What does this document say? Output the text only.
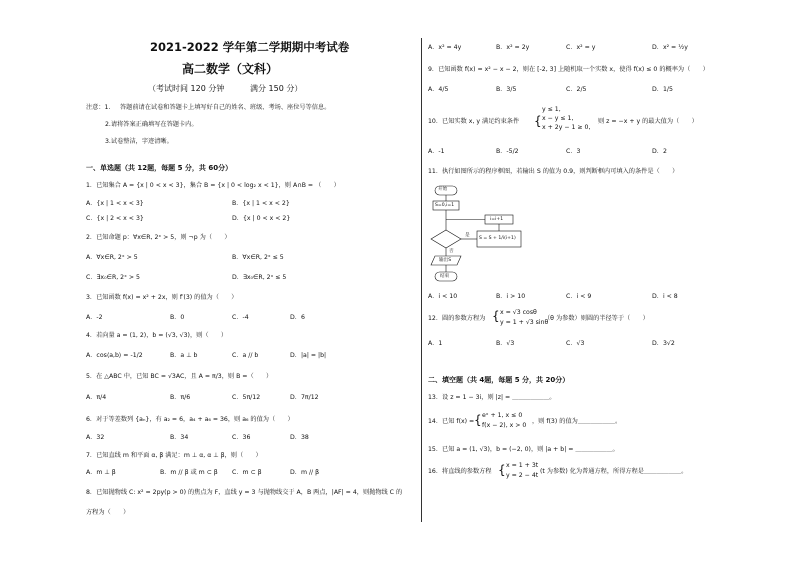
2021-2022 学年第二学期期中考试卷
高二数学（文科）
（考试时间 120 分钟	满分 150 分）
注意：1. 答题前请在试卷和答题卡上填写好自己的姓名、班级、考场、座位号等信息。
2.请将答案正确填写在答题卡内。
3.试卷整洁，字迹清晰。
一、单选题（共 12题，每题 5 分，共 60分）
1．已知集合 A = {x | 0 < x < 3}，集合 B = {x | 0 < log₂ x < 1}，则 A∩B = （　　）
A．{x | 1 < x < 3}	B．{x | 1 < x < 2}
C．{x | 2 < x < 3}	D．{x | 0 < x < 2}
2．已知命题 p：∀x∈R, 2ˣ > 5，则 ¬p 为（　　）
A．∀x∈R, 2ˣ > 5	B．∀x∈R, 2ˣ ≤ 5
C．∃x₀∈R, 2ˣ > 5	D．∃x₀∈R, 2ˣ ≤ 5
3．已知函数 f(x) = x² + 2x，则 f′(3) 的值为（　　）
A．-2	B．0	C．-4	D．6
4．若向量 a = (1, 2)，b = (√3, √3)，则（　　）
A．cos⟨a,b⟩ = -1/2	B．a ⊥ b	C．a // b	D．|a| = |b|
5．在 △ABC 中，已知 BC = √3AC，且 A = π/3，则 B =（　　）
A．π/4	B．π/6	C．5π/12	D．7π/12
6．对于等差数列 {aₙ}，有 a₂ = 6，a₄ + a₆ = 36，则 a₆ 的值为（　　）
A．32	B．34	C．36	D．38
7．已知直线 m 和平面 α, β 满足：m ⊥ α, α ⊥ β，则（　　）
A．m ⊥ β	B．m // β 或 m ⊂ β C．m ⊂ β	D．m // β
8．已知抛物线 C: x² = 2py(p > 0) 的焦点为 F，直线 y = 3 与抛物线交于 A，B 两点，|AF| = 4，则抛物线 C 的
方程为（　　）
A．x² = 4y	B．x² = 2y	C．x² = y	D．x² = ½y
9．已知函数 f(x) = x² − x − 2，则在 [-2, 3] 上随机取一个实数 x，使得 f(x) ≤ 0 的概率为（　　）
A．4/5	B．3/5	C．2/5	D．1/5
10．已知实数 x, y 满足约束条件 {
y ≤ 1,
x − y ≤ 1,
x + 2y − 1 ≥ 0,
则 z = −x + y 的最大值为（　　）
A．-1	B．-5/2	C．3	D．2
11．执行如图所示的程序框图，若输出 S 的值为 0.9，则判断框内可填入的条件是（　　）
A．i < 10	B．i > 10	C．i < 9	D．i < 8
12．圆的参数方程为 { x = √3 cosθ
y = 1 + √3 sinθ
（θ 为参数）则圆的半径等于（　　）
A．1	B．√3	C．√3	D．3√2
二、填空题（共 4题，每题 5 分，共 20分）
13．设 z = 1 − 3i，则 |z| = ＿＿＿＿＿＿。
14．已知 f(x) = { eˣ + 1, x ≤ 0
f(x − 2), x > 0
，则 f(3) 的值为＿＿＿＿＿＿。
15．已知 a = (1, √3)，b = (−2, 0)，则 |a + b| = ＿＿＿＿＿＿。
16．将直线的参数方程 { x = 1 + 3t
y = 2 − 4t
(t 为参数) 化为普通方程，所得方程是＿＿＿＿＿＿。
开始
S=0,i=1
i=i+1
S = S + 1/i(i+1)
是
否
输出S
结束
